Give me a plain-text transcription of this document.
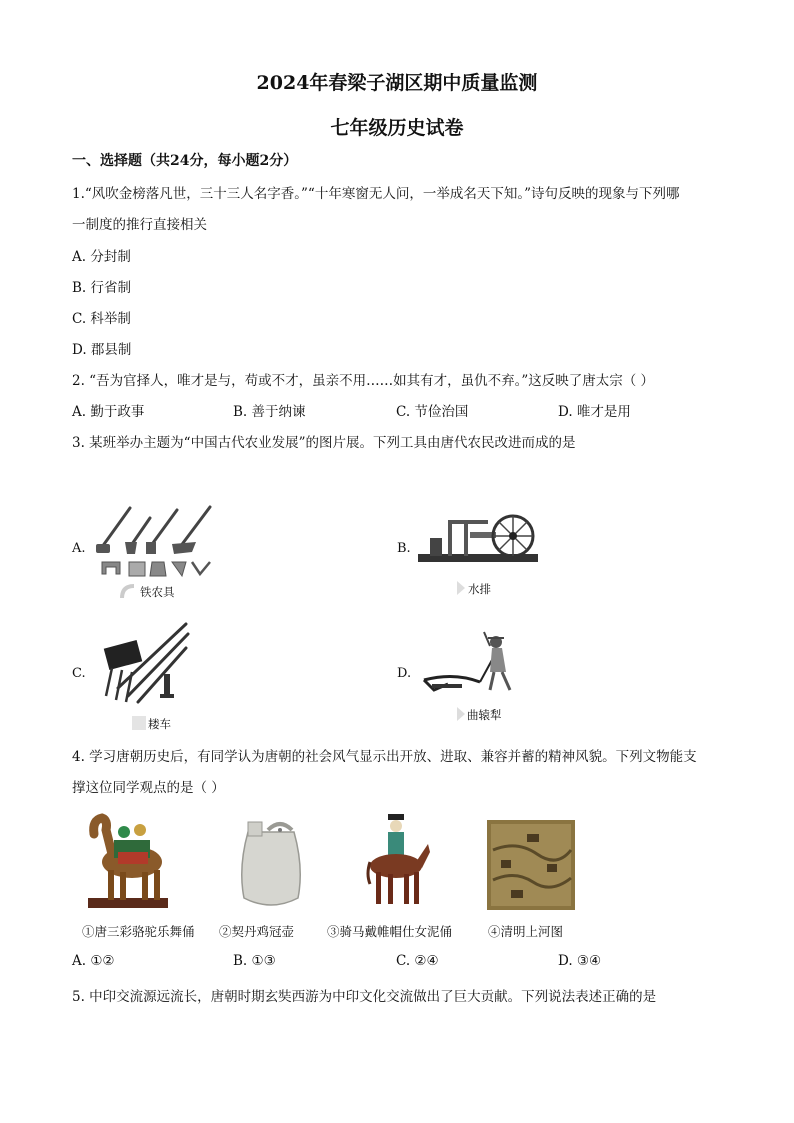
2024年春梁子湖区期中质量监测
七年级历史试卷
一、选择题（共24分，每小题2分）
1.“风吹金榜落凡世，三十三人名字香。”“十年寒窗无人问，一举成名天下知。”诗句反映的现象与下列哪
一制度的推行直接相关
A. 分封制
B. 行省制
C. 科举制
D. 郡县制
2. “吾为官择人，唯才是与，苟或不才，虽亲不用……如其有才，虽仇不弃。”这反映了唐太宗（ ）
A. 勤于政事	B. 善于纳谏	C. 节俭治国	D. 唯才是用
3. 某班举办主题为“中国古代农业发展”的图片展。下列工具由唐代农民改进而成的是
A.
铁农具
B.
水排
C.
耧车
D.
曲辕犁
4. 学习唐朝历史后，有同学认为唐朝的社会风气显示出开放、进取、兼容并蓄的精神风貌。下列文物能支
撑这位同学观点的是（ ）
①唐三彩骆驼乐舞俑 ②契丹鸡冠壶	③骑马戴帷帽仕女泥俑	④清明上河图
A. ①②	B. ①③	C. ②④	D. ③④
5. 中印交流源远流长，唐朝时期玄奘西游为中印文化交流做出了巨大贡献。下列说法表述正确的是
